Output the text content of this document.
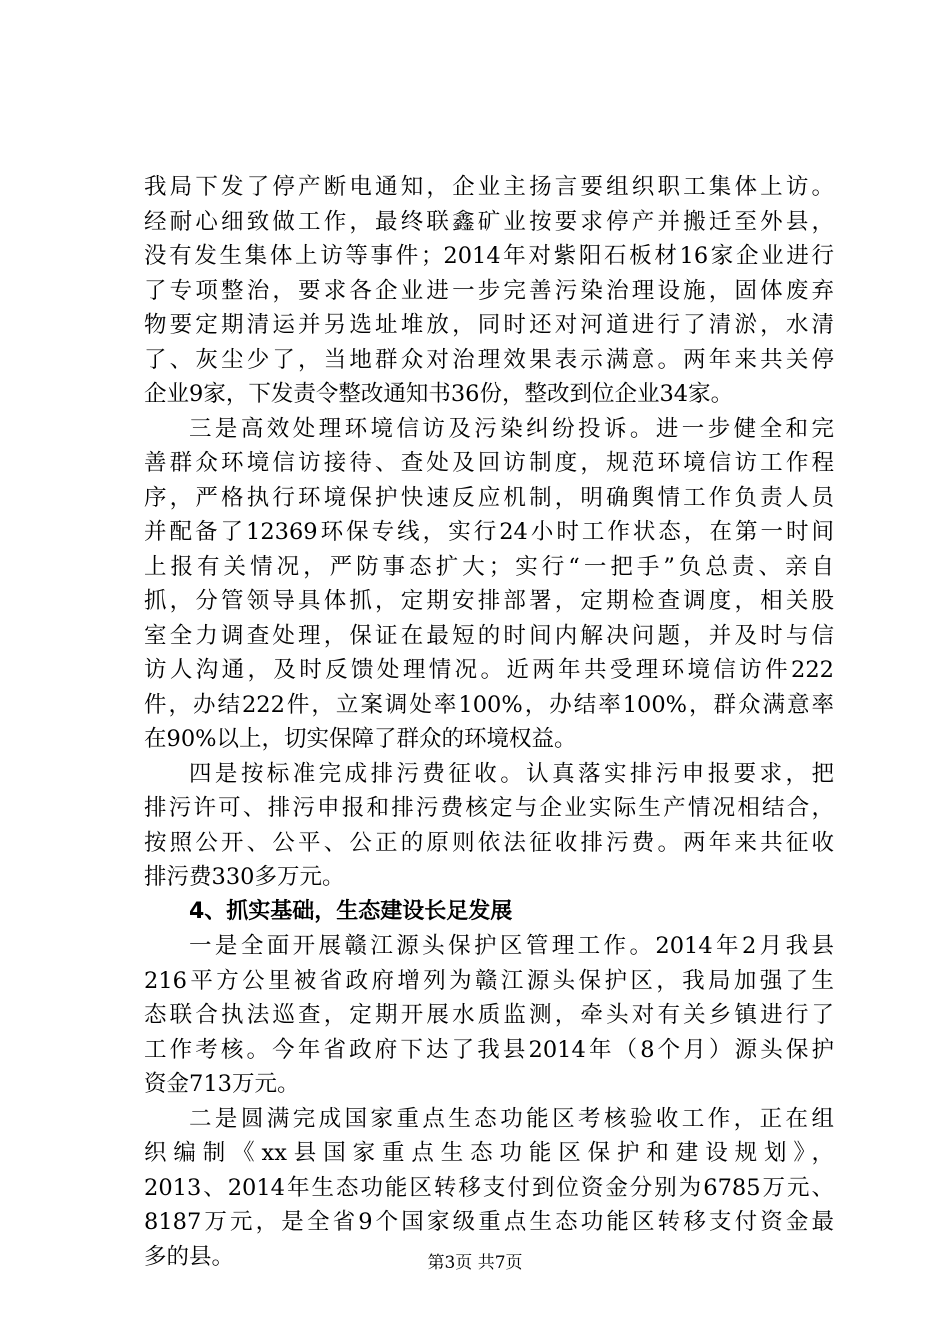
我局下发了停产断电通知，企业主扬言要组织职工集体上访。
经耐心细致做工作，最终联鑫矿业按要求停产并搬迁至外县，
没有发生集体上访等事件；2014年对紫阳石板材16家企业进行
了专项整治，要求各企业进一步完善污染治理设施，固体废弃
物要定期清运并另选址堆放，同时还对河道进行了清淤，水清
了、灰尘少了，当地群众对治理效果表示满意。两年来共关停
企业9家，下发责令整改通知书36份，整改到位企业34家。
三是高效处理环境信访及污染纠纷投诉。进一步健全和完
善群众环境信访接待、查处及回访制度，规范环境信访工作程
序，严格执行环境保护快速反应机制，明确舆情工作负责人员
并配备了12369环保专线，实行24小时工作状态，在第一时间
上报有关情况，严防事态扩大；实行“一把手”负总责、亲自
抓，分管领导具体抓，定期安排部署，定期检查调度，相关股
室全力调查处理，保证在最短的时间内解决问题，并及时与信
访人沟通，及时反馈处理情况。近两年共受理环境信访件222
件，办结222件，立案调处率100%，办结率100%，群众满意率
在90%以上，切实保障了群众的环境权益。
四是按标准完成排污费征收。认真落实排污申报要求，把
排污许可、排污申报和排污费核定与企业实际生产情况相结合，
按照公开、公平、公正的原则依法征收排污费。两年来共征收
排污费330多万元。
4、抓实基础，生态建设长足发展
一是全面开展赣江源头保护区管理工作。2014年2月我县
216平方公里被省政府增列为赣江源头保护区，我局加强了生
态联合执法巡查，定期开展水质监测，牵头对有关乡镇进行了
工作考核。今年省政府下达了我县2014年（8个月）源头保护
资金713万元。
二是圆满完成国家重点生态功能区考核验收工作，正在组
织编制《xx县国家重点生态功能区保护和建设规划》，
2013、2014年生态功能区转移支付到位资金分别为6785万元、
8187万元，是全省9个国家级重点生态功能区转移支付资金最
多的县。	第3页 共7页
